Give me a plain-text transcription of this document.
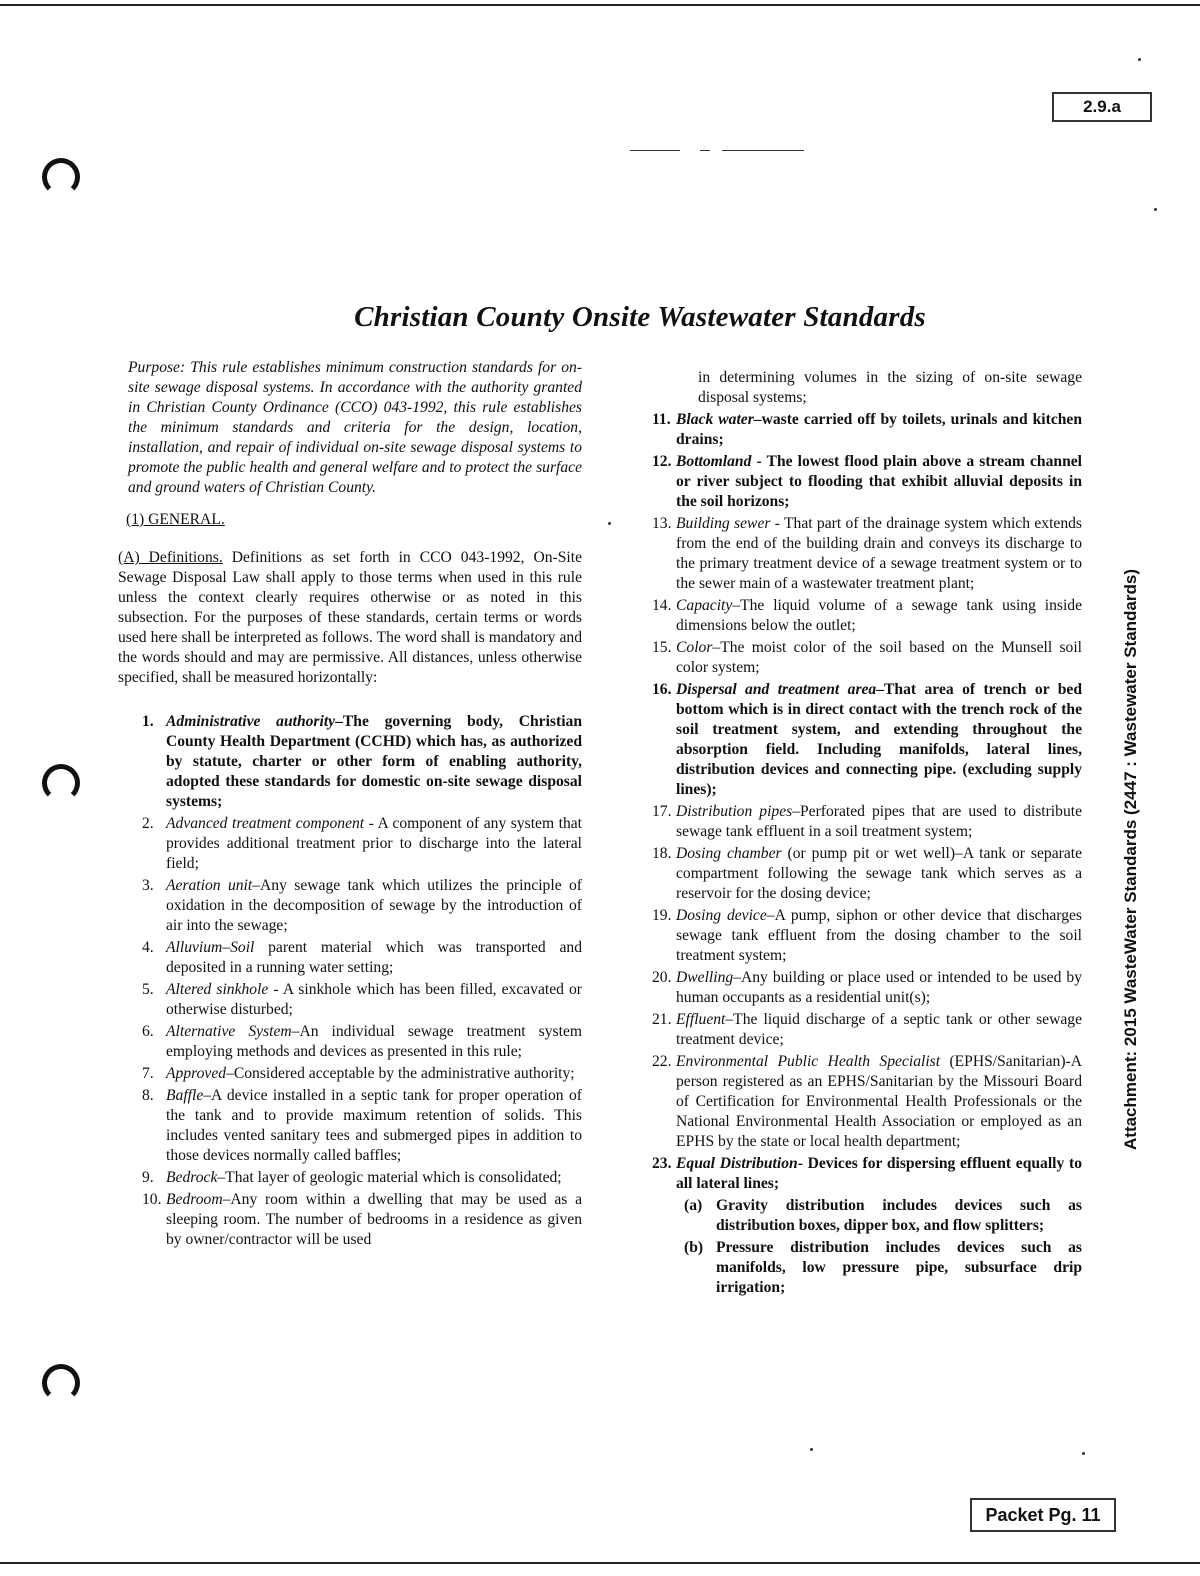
2.9.a
Attachment: 2015 WasteWater Standards (2447 : Wastewater Standards)
Christian County Onsite Wastewater Standards

Purpose: This rule establishes minimum construction standards for on-site sewage disposal systems. In accordance with the authority granted in Christian County Ordinance (CCO) 043-1992, this rule establishes the minimum standards and criteria for the design, location, installation, and repair of individual on-site sewage disposal systems to promote the public health and general welfare and to protect the surface and ground waters of Christian County.

(1) GENERAL.

(A) Definitions. Definitions as set forth in CCO 043-1992, On-Site Sewage Disposal Law shall apply to those terms when used in this rule unless the context clearly requires otherwise or as noted in this subsection. For the purposes of these standards, certain terms or words used here shall be interpreted as follows. The word shall is mandatory and the words should and may are permissive. All distances, unless otherwise specified, shall be measured horizontally:

1. Administrative authority–The governing body, Christian County Health Department (CCHD) which has, as authorized by statute, charter or other form of enabling authority, adopted these standards for domestic on-site sewage disposal systems;
2. Advanced treatment component - A component of any system that provides additional treatment prior to discharge into the lateral field;
3. Aeration unit–Any sewage tank which utilizes the principle of oxidation in the decomposition of sewage by the introduction of air into the sewage;
4. Alluvium–Soil parent material which was transported and deposited in a running water setting;
5. Altered sinkhole - A sinkhole which has been filled, excavated or otherwise disturbed;
6. Alternative System–An individual sewage treatment system employing methods and devices as presented in this rule;
7. Approved–Considered acceptable by the administrative authority;
8. Baffle–A device installed in a septic tank for proper operation of the tank and to provide maximum retention of solids. This includes vented sanitary tees and submerged pipes in addition to those devices normally called baffles;
9. Bedrock–That layer of geologic material which is consolidated;
10. Bedroom–Any room within a dwelling that may be used as a sleeping room. The number of bedrooms in a residence as given by owner/contractor will be used
in determining volumes in the sizing of on-site sewage disposal systems;
11. Black water–waste carried off by toilets, urinals and kitchen drains;
12. Bottomland - The lowest flood plain above a stream channel or river subject to flooding that exhibit alluvial deposits in the soil horizons;
13. Building sewer - That part of the drainage system which extends from the end of the building drain and conveys its discharge to the primary treatment device of a sewage treatment system or to the sewer main of a wastewater treatment plant;
14. Capacity–The liquid volume of a sewage tank using inside dimensions below the outlet;
15. Color–The moist color of the soil based on the Munsell soil color system;
16. Dispersal and treatment area–That area of trench or bed bottom which is in direct contact with the trench rock of the soil treatment system, and extending throughout the absorption field. Including manifolds, lateral lines, distribution devices and connecting pipe. (excluding supply lines);
17. Distribution pipes–Perforated pipes that are used to distribute sewage tank effluent in a soil treatment system;
18. Dosing chamber (or pump pit or wet well)–A tank or separate compartment following the sewage tank which serves as a reservoir for the dosing device;
19. Dosing device–A pump, siphon or other device that discharges sewage tank effluent from the dosing chamber to the soil treatment system;
20. Dwelling–Any building or place used or intended to be used by human occupants as a residential unit(s);
21. Effluent–The liquid discharge of a septic tank or other sewage treatment device;
22. Environmental Public Health Specialist (EPHS/Sanitarian)-A person registered as an EPHS/Sanitarian by the Missouri Board of Certification for Environmental Health Professionals or the National Environmental Health Association or employed as an EPHS by the state or local health department;
23. Equal Distribution- Devices for dispersing effluent equally to all lateral lines;
(a) Gravity distribution includes devices such as distribution boxes, dipper box, and flow splitters;
(b) Pressure distribution includes devices such as manifolds, low pressure pipe, subsurface drip irrigation;
Packet Pg. 11
